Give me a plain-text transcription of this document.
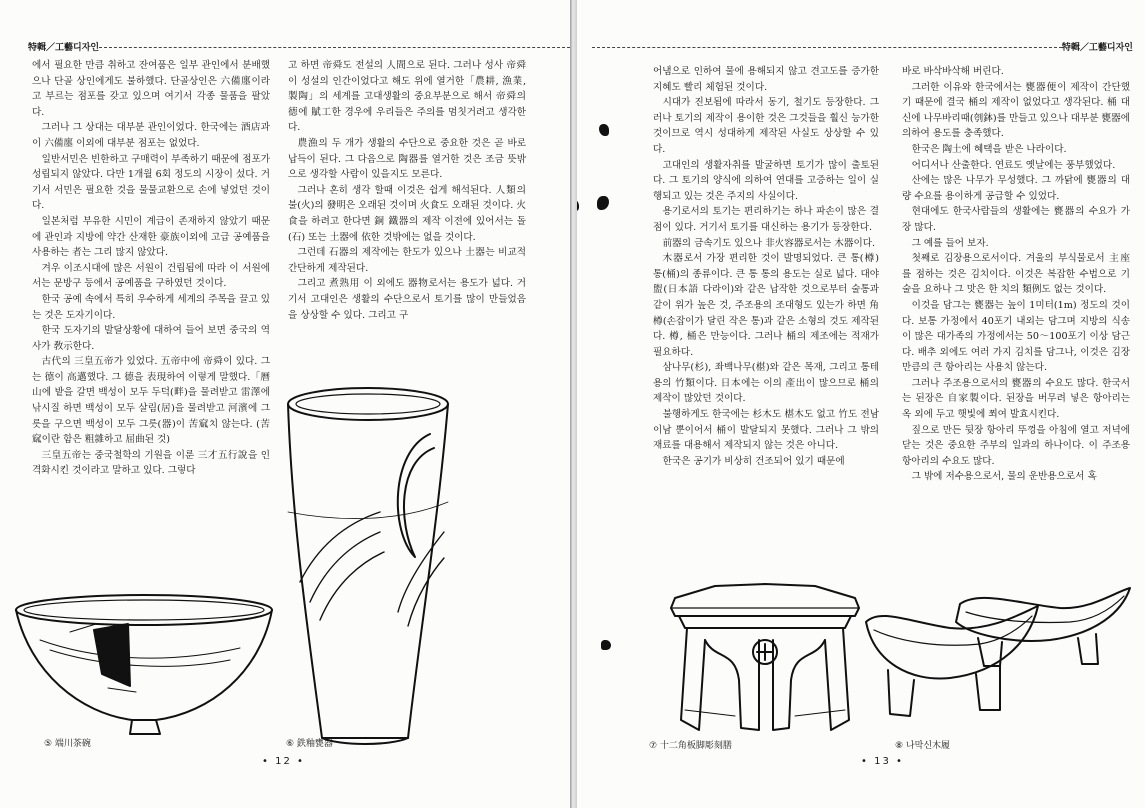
特輯／工藝디자인

에서 필요한 만큼 취하고 잔여품은 일부 관인에서 분배했으나 단골 상인에게도 불하했다. 단골상인은 六備廛이라고 부르는 점포를 갖고 있으며 여기서 각종 물품을 팔았다.

그러나 그 상대는 대부분 관인이었다. 한국에는 酒店과 이 六備廛 이외에 대부분 점포는 없었다.

일반서민은 빈한하고 구매력이 부족하기 때문에 점포가 성립되지 않았다. 다만 1개월 6회 정도의 시장이 섰다. 거기서 서민은 필요한 것을 물물교환으로 손에 넣었던 것이다.

일본처럼 부유한 시민이 계급이 존재하지 않았기 때문에 관인과 지방에 약간 산재한 豪族이외에 고급 공예품을 사용하는 者는 그리 많지 않았다.

겨우 이조시대에 많은 서원이 건립됨에 따라 이 서원에서는 문방구 등에서 공예품을 구하였던 것이다.

한국 공예 속에서 특히 우수하게 세계의 주목을 끌고 있는 것은 도자기이다.

한국 도자기의 발달상황에 대하여 들어 보면 중국의 역사가 敎示한다.

古代의 三皇五帝가 있었다. 五帝中에 帝舜이 있다. 그는 德이 高邁했다. 그 德을 表現하여 이렇게 말했다.「曆山에 밭을 갈면 백성이 모두 두덕(畔)을 물려받고 雷澤에 낚시질 하면 백성이 모두 살림(居)을 물려받고 河濱에 그릇을 구으면 백성이 모두 그릇(器)이 苦窳치 않는다. (苦窳이란 함은 粗雜하고 屈曲된 것)

三皇五帝는 중국철학의 기원을 이룬 三才五行說을 인격화시킨 것이라고 말하고 있다. 그렇다

고 하면 帝舜도 전설의 人間으로 된다. 그러나 성사 帝舜이 성설의 인간이었다고 해도 위에 열거한「農耕, 漁業, 製陶」의 세계를 고대생활의 중요부분으로 해서 帝舜의 德에 賦工한 경우에 우리들은 주의를 멈칫거려고 생각한다.

農漁의 두 개가 생활의 수단으로 중요한 것은 곧 바로 납득이 된다. 그 다음으로 陶器를 열거한 것은 조금 뜻밖으로 생각할 사람이 있을지도 모른다.

그러나 혼히 생각 할때 이것은 쉽게 해석된다. 人類의 불(火)의 發明은 오래된 것이며 火食도 오래된 것이다. 火食을 하려고 한다면 銅 鐵器의 제작 이전에 있어서는 돌(石) 또는 土器에 依한 것밖에는 없을 것이다.

그런데 石器의 제작에는 한도가 있으나 土器는 비교적 간단하게 제작된다.

그리고 煮熟用 이 외에도 器物로서는 용도가 넓다. 거기서 고대인은 생활의 수단으로서 토기를 많이 만들었음을 상상할 수 있다. 그리고 구

⑤ 端川茶碗	⑥ 鉄釉甕器
• 12 •
特輯／工藝디자인

어냄으로 인하여 물에 용해되지 않고 견고도를 증가한 지혜도 빨리 체험된 것이다.

시대가 진보됨에 따라서 동기, 철기도 등장한다. 그러나 토기의 제작이 용이한 것은 그것들을 훨신 능가한 것이므로 역시 성대하게 제작된 사실도 상상할 수 있다.

고대인의 생활자취를 발굴하면 토기가 많이 출토된다. 그 토기의 양식에 의하여 연대를 고증하는 일이 실행되고 있는 것은 주지의 사실이다.

용기로서의 토기는 편리하기는 하나 파손이 많은 결점이 있다. 거기서 토기를 대신하는 용기가 등장한다.

前器의 금속기도 있으나 非火容器로서는 木器이다.

木器로서 가장 편리한 것이 발명되었다. 큰 통(樽) 통(桶)의 종류이다. 큰 통 통의 용도는 실로 넓다. 대야 盥(日本語 다라이)와 같은 납작한 것으로부터 술통과 같이 위가 높은 것, 주조용의 조대형도 있는가 하면 角樽(손잡이가 달린 작은 통)과 같은 소형의 것도 제작된다. 樽, 桶은 만능이다. 그러나 桶의 제조에는 적재가 필요하다.

삼나무(杉), 좌백나무(椹)와 같은 목재, 그리고 통테용의 竹類이다. 日本에는 이의 產出이 많으므로 桶의 제작이 많았던 것이다.

불행하게도 한국에는 杉木도 椹木도 없고 竹도 전남 이남 뿐이어서 桶이 발달되지 못했다. 그러나 그 밖의 재료를 대용해서 제작되지 않는 것은 아니다.

한국은 공기가 비상히 건조되어 있기 때문에

바로 바삭바삭해 버린다.

그러한 이유와 한국에서는 甕器便이 제작이 간단했기 때문에 결국 桶의 제작이 없었다고 생각된다. 桶 대신에 나무바리때(刳鉢)를 만들고 있으나 대부분 甕器에 의하여 용도를 충족했다.

한국은 陶土에 혜택을 받은 나라이다.

어디서나 산출한다. 연료도 옛날에는 풍부했었다.

산에는 많은 나무가 무성했다. 그 까닭에 甕器의 대량 수요를 용이하게 공급할 수 있었다.

현대에도 한국사람들의 생활에는 甕器의 수요가 가장 많다.

그 예를 들어 보자.

첫째로 김장용으로서이다. 겨울의 부식물로서 主座를 점하는 것은 김치이다. 이것은 복잡한 수법으로 기술을 요하나 그 맛은 한 치의 類例도 없는 것이다.

이것을 담그는 甕器는 높이 1미터(1m) 정도의 것이다. 보통 가정에서 40포기 내외는 담그며 지방의 식송이 많은 대가족의 가정에서는 50～100포기 이상 담근다. 배추 외에도 여러 가지 김치를 담그나, 이것은 김장만큼의 큰 항아리는 사용치 않는다.

그러나 주조용으로서의 甕器의 수요도 많다. 한국서는 된장은 自家製이다. 된장을 버무려 넣은 항아리는 옥 외에 두고 햇빛에 쬐여 발효시킨다.

짚으로 만든 뒷장 항아리 뚜껑을 아침에 열고 저녁에 닫는 것은 중요한 주부의 일과의 하나이다. 이 주조용 항아리의 수요도 많다.

그 밖에 저수용으로서, 물의 운반용으로서 혹

⑦ 十二角板脚彫刻膳	⑧ 나막신木履
• 13 •
